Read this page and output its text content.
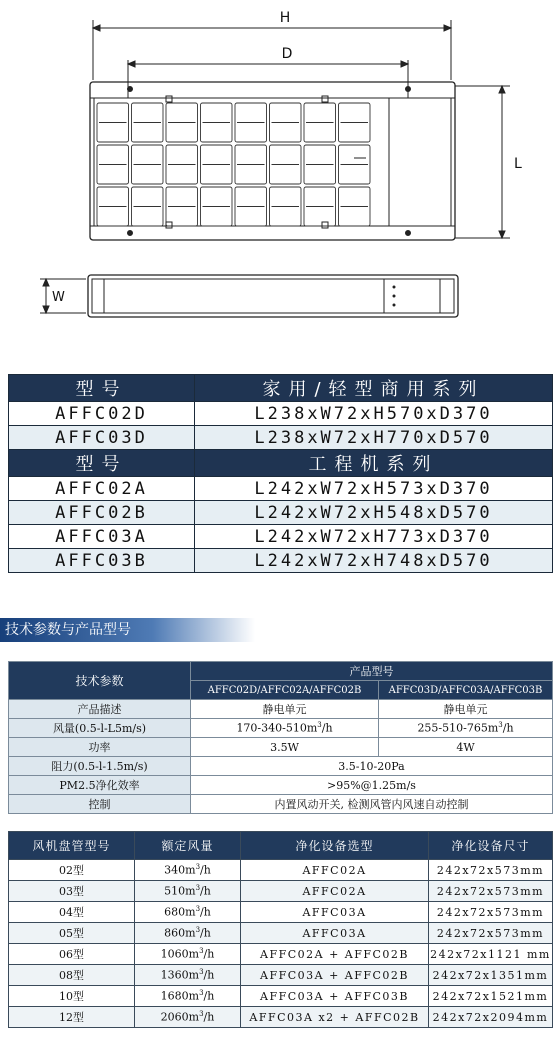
H
D
L
W
型号	家用/轻型商用系列
AFFC02D	L238xW72xH570xD370
AFFC03D	L238xW72xH770xD570
型号	工程机系列
AFFC02A	L242xW72xH573xD370
AFFC02B	L242xW72xH548xD570
AFFC03A	L242xW72xH773xD370
AFFC03B	L242xW72xH748xD570
技术参数与产品型号
技术参数	产品型号	
	AFFC02D/AFFC02A/AFFC02B	AFFC03D/AFFC03A/AFFC03B
产品描述	静电单元	静电单元
风量(0.5-l-L5m/s)	$170-340-510m^3/h$	$255-510-765m^3/h$
功率	3.5W	4W
阻力(0.5-l-1.5m/s)	3.5-10-20Pa	
PM2.5净化效率	>95%@1.25m/s	
控制	内置风动开关, 检测风管内风速自动控制	
风机盘管型号	额定风量	净化设备选型	净化设备尺寸
02型	$340m^3/h$	AFFC02A	242x72x573mm
03型	$510m^3/h$	AFFC02A	242x72x573mm
04型	$680m^3/h$	AFFC03A	242x72x573mm
05型	$860m^3/h$	AFFC03A	242x72x573mm
06型	$1060m^3/h$	AFFC02A + AFFC02B	242x72x1121 mm
08型	$1360m^3/h$	AFFC03A + AFFC02B	242x72x1351mm
10型	$1680m^3/h$	AFFC03A + AFFC03B	242x72x1521mm
12型	$2060m^3/h$	AFFC03A x2 + AFFC02B	242x72x2094mm
